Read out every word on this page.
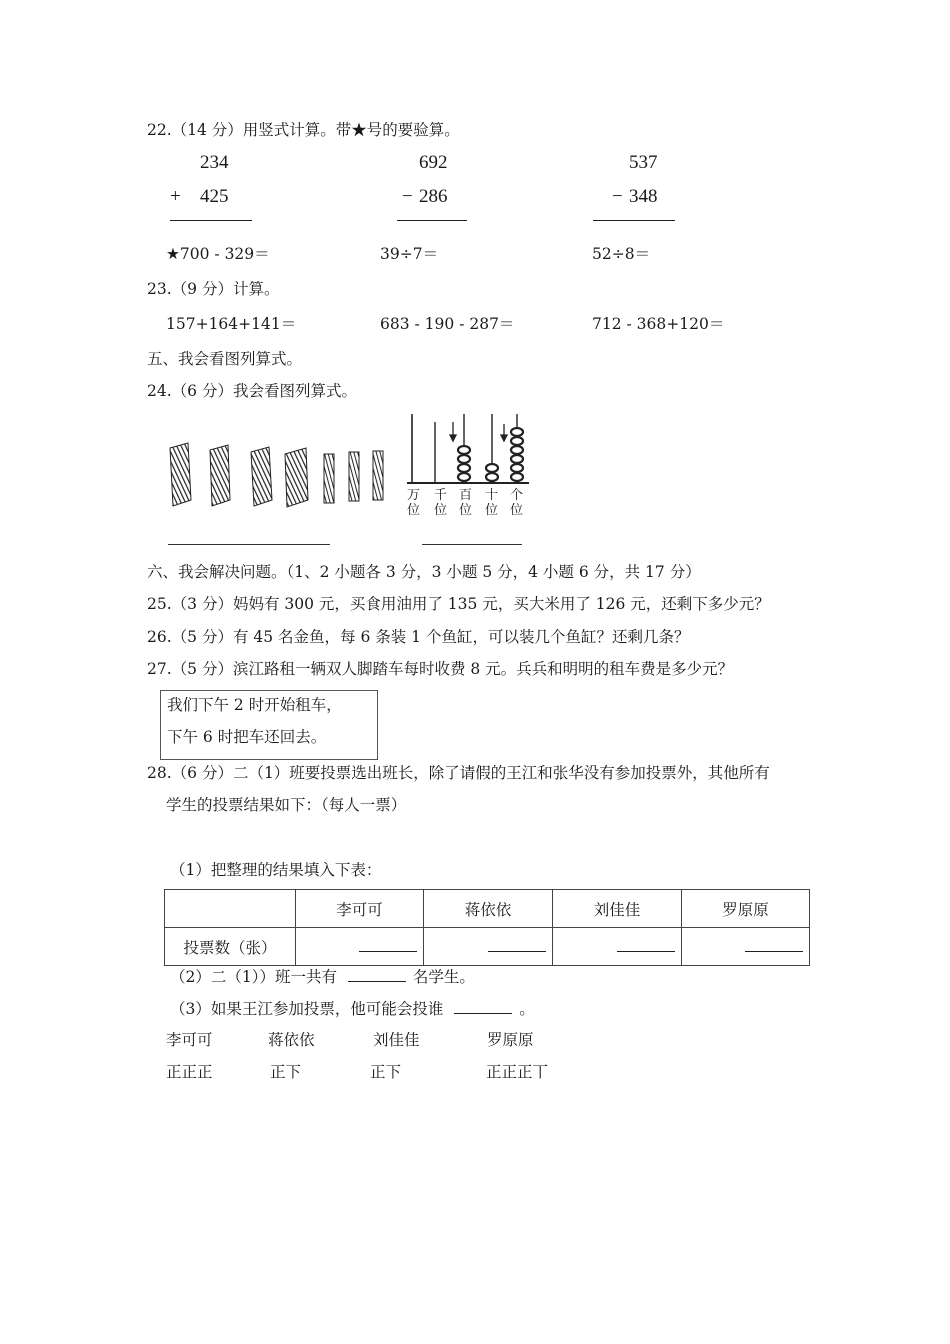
22.（14 分）用竖式计算。带★号的要验算。
234
+ 425
692
− 286
537
− 348
★700 - 329＝	39÷7＝	52÷8＝
23.（9 分）计算。
157+164+141＝	683 - 190 - 287＝	712 - 368+120＝
五、我会看图列算式。
24.（6 分）我会看图列算式。
万
位
千
位
百
位
十
位
个
位
六、我会解决问题。（1、2 小题各 3 分，3 小题 5 分，4 小题 6 分，共 17 分）
25.（3 分）妈妈有 300 元，买食用油用了 135 元，买大米用了 126 元，还剩下多少元？
26.（5 分）有 45 名金鱼，每 6 条装 1 个鱼缸，可以装几个鱼缸？还剩几条？
27.（5 分）滨江路租一辆双人脚踏车每时收费 8 元。兵兵和明明的租车费是多少元？
我们下午 2 时开始租车，
下午 6 时把车还回去。
28.（6 分）二（1）班要投票选出班长，除了请假的王江和张华没有参加投票外，其他所有
学生的投票结果如下：（每人一票）
（1）把整理的结果填入下表：
	李可可	蒋依依	刘佳佳	罗原原
投票数（张）				
（2）二（1））班一共有	名学生。
（3）如果王江参加投票，他可能会投谁	。
李可可	蒋依依	刘佳佳	罗原原
正正正	正下	正下	正正正丅
